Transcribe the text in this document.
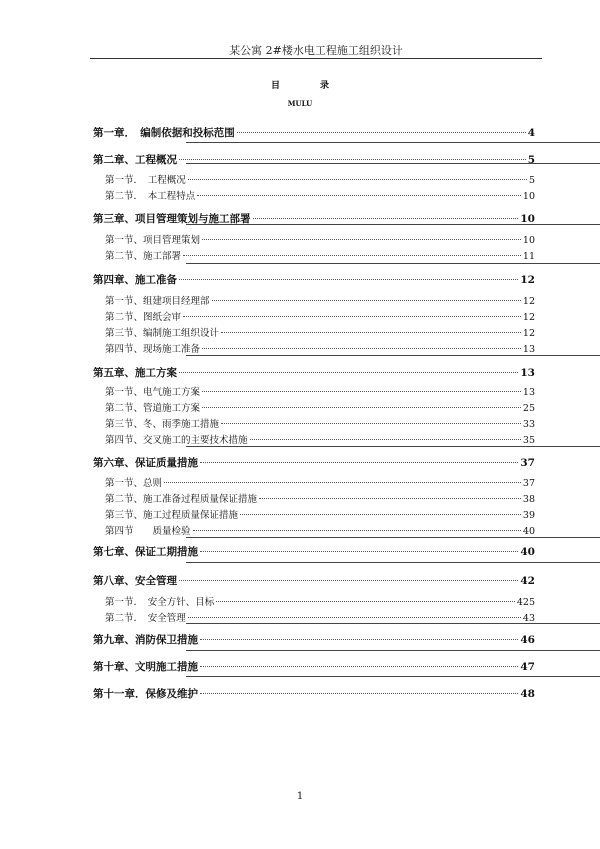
某公寓 2#楼水电工程施工组织设计
目	录
MULU
第一章．　编制依据和投标范围	4
第二章、工程概况	5
第一节．　工程概况	5
第二节．　本工程特点	10
第三章、项目管理策划与施工部署	10
第一节、项目管理策划	10
第二节、施工部署	11
第四章、施工准备	12
第一节、组建项目经理部	12
第二节、图纸会审	12
第三节、编制施工组织设计	12
第四节、现场施工准备	13
第五章、施工方案	13
第一节、电气施工方案	13
第二节、管道施工方案	25
第三节、冬、雨季施工措施	33
第四节、交叉施工的主要技术措施	35
第六章、保证质量措施	37
第一节、总则	37
第二节、施工准备过程质量保证措施	38
第三节、施工过程质量保证措施	39
第四节　　质量检验	40
第七章、保证工期措施	40
第八章、安全管理	42
第一节．　安全方针、目标	425
第二节．　安全管理	43
第九章、消防保卫措施	46
第十章、文明施工措施	47
第十一章．保修及维护	48
1
